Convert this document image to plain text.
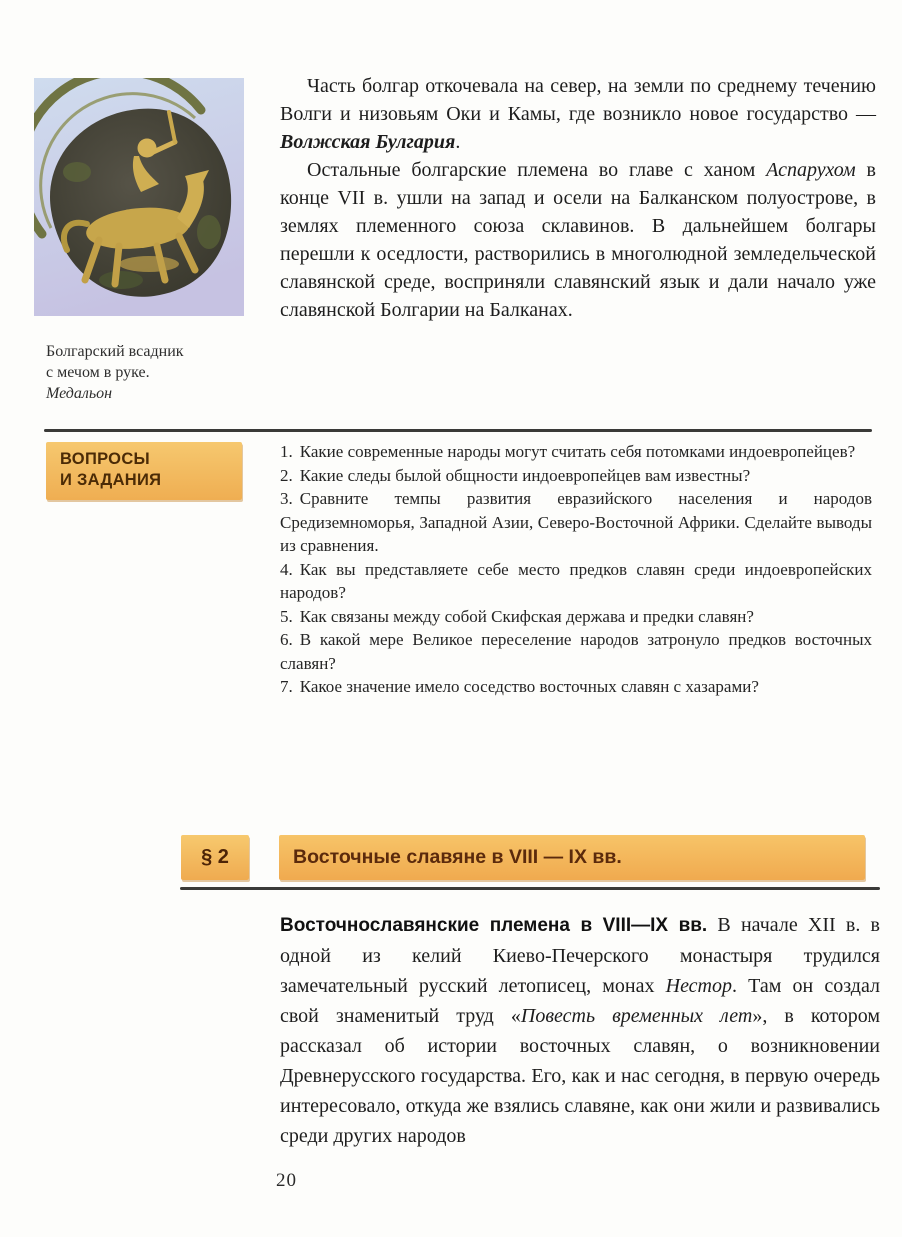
Болгарский всадник
с мечом в руке.
Медальон

Часть болгар откочевала на север, на земли по среднему течению Волги и низовьям Оки и Камы, где возникло новое государство — Волжская Булгария.

Остальные болгарские племена во главе с ханом Аспарухом в конце VII в. ушли на запад и осели на Балканском полуострове, в землях племенного союза склавинов. В дальнейшем болгары перешли к оседлости, растворились в многолюдной земледельческой славянской среде, восприняли славянский язык и дали начало уже славянской Болгарии на Балканах.

ВОПРОСЫ
И ЗАДАНИЯ

1. Какие современные народы могут считать себя потомками индоевропейцев?

2. Какие следы былой общности индоевропейцев вам известны?

3. Сравните темпы развития евразийского населения и народов Средиземноморья, Западной Азии, Северо-Восточной Африки. Сделайте выводы из сравнения.

4. Как вы представляете себе место предков славян среди индоевропейских народов?

5. Как связаны между собой Скифская держава и предки славян?

6. В какой мере Великое переселение народов затронуло предков восточных славян?

7. Какое значение имело соседство восточных славян с хазарами?

§ 2	Восточные славяне в VIII — IX вв.

Восточнославянские племена в VIII—IX вв. В начале XII в. в одной из келий Киево-Печерского монастыря трудился замечательный русский летописец, монах Нестор. Там он создал свой знаменитый труд «Повесть временных лет», в котором рассказал об истории восточных славян, о возникновении Древнерусского государства. Его, как и нас сегодня, в первую очередь интересовало, откуда же взялись славяне, как они жили и развивались среди других народов

20
